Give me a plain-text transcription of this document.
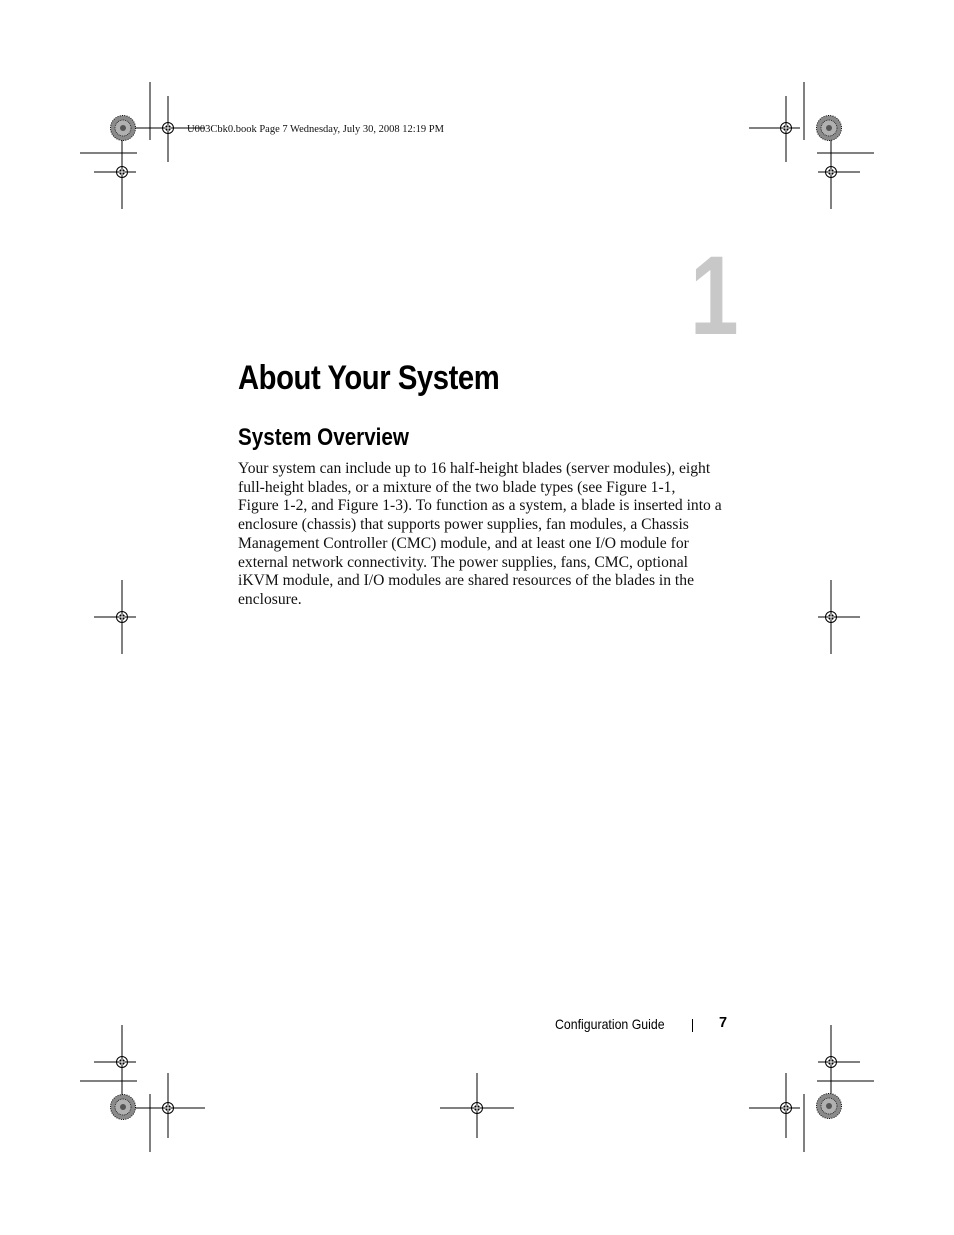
U003Cbk0.book Page 7 Wednesday, July 30, 2008 12:19 PM
1
About Your System
System Overview
Your system can include up to 16 half-height blades (server modules), eight
full-height blades, or a mixture of the two blade types (see Figure 1-1,
Figure 1-2, and Figure 1-3). To function as a system, a blade is inserted into a
enclosure (chassis) that supports power supplies, fan modules, a Chassis
Management Controller (CMC) module, and at least one I/O module for
external network connectivity. The power supplies, fans, CMC, optional
iKVM module, and I/O modules are shared resources of the blades in the
enclosure.
Configuration Guide	7
